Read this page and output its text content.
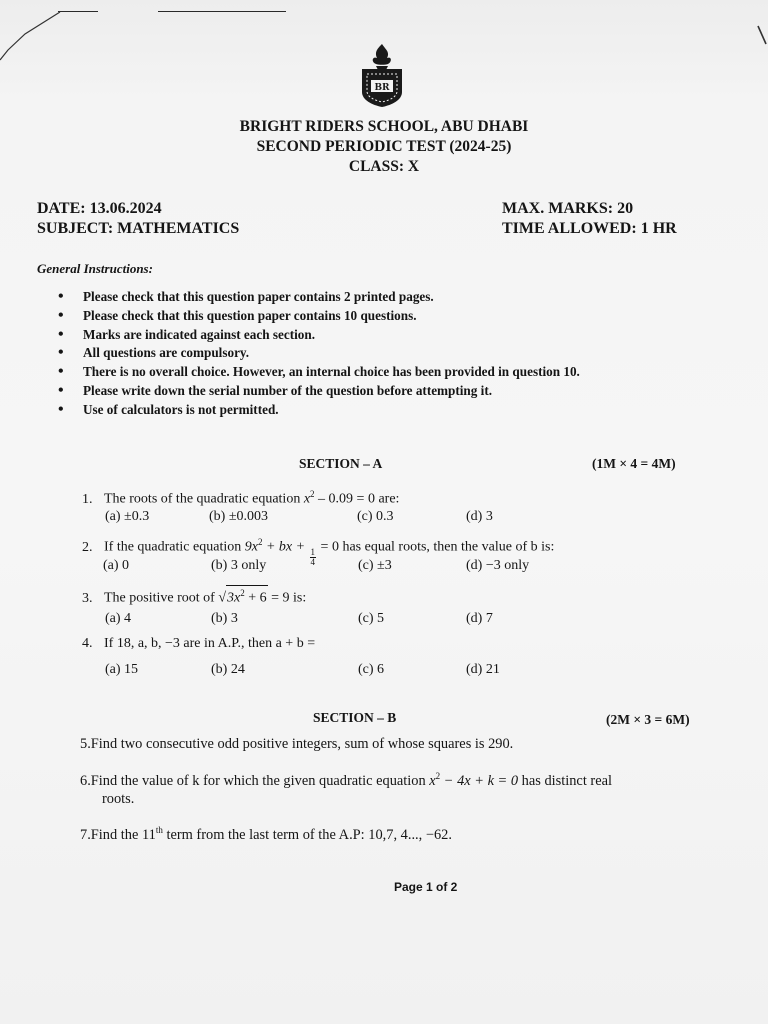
BR
BRIGHT RIDERS SCHOOL, ABU DHABI
SECOND PERIODIC TEST (2024-25)
CLASS: X
DATE: 13.06.2024
SUBJECT: MATHEMATICS
MAX. MARKS: 20
TIME ALLOWED: 1 HR
General Instructions:
•	Please check that this question paper contains 2 printed pages.
•	Please check that this question paper contains 10 questions.
•	Marks are indicated against each section.
•	All questions are compulsory.
•	There is no overall choice. However, an internal choice has been provided in question 10.
•	Please write down the serial number of the question before attempting it.
•	Use of calculators is not permitted.
SECTION – A	(1M × 4 = 4M)
1. The roots of the quadratic equation $x^2 - 0.09 = 0$ are:
(a) ±0.3	(b) ±0.003	(c) 0.3	(d) 3
2. If the quadratic equation $9x^2$ + bx +
$\frac{1}{4}$
= 0 has equal roots, then the value of b is:
(a) 0	(b) 3 only	(c) ±3	(d) −3 only
3. The positive root of $√3x^2 + 6 = 9$ is:
(a) 4	(b) 3	(c) 5	(d) 7
4. If 18, a, b, −3 are in A.P., then a + b =
(a) 15	(b) 24	(c) 6	(d) 21
SECTION – B	(2M × 3 = 6M)
5.Find two consecutive odd positive integers, sum of whose squares is 290.
6.Find the value of k for which the given quadratic equation $x^2 - 4x + k = 0$ has distinct real
roots.
7.Find the 11th term from the last term of the A.P: 10,7, 4..., −62.
Page 1 of 2
